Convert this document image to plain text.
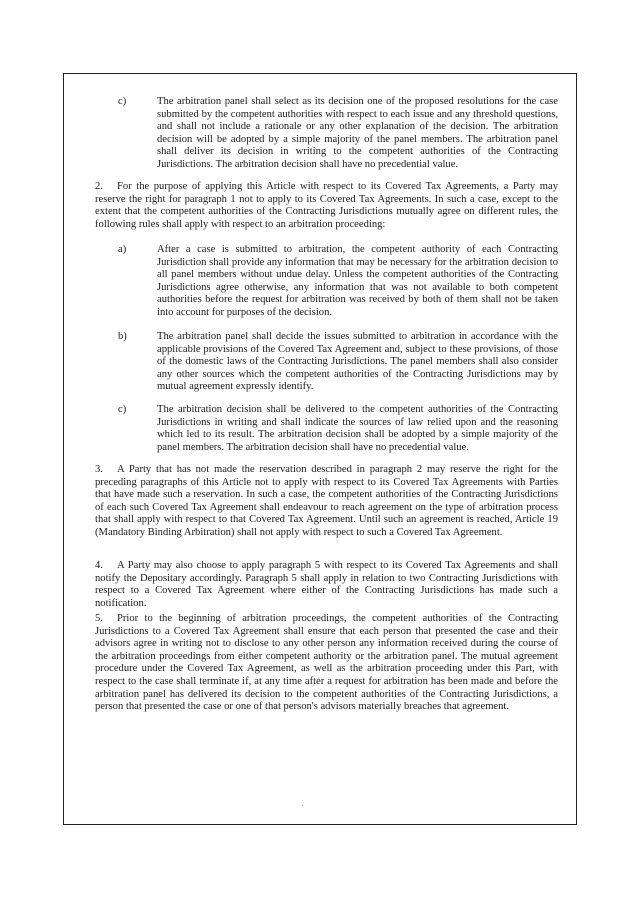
c)	The arbitration panel shall select as its decision one of the proposed resolutions for the case submitted by the competent authorities with respect to each issue and any threshold questions, and shall not include a rationale or any other explanation of the decision. The arbitration decision will be adopted by a simple majority of the panel members. The arbitration panel shall deliver its decision in writing to the competent authorities of the Contracting Jurisdictions. The arbitration decision shall have no precedential value.

2. For the purpose of applying this Article with respect to its Covered Tax Agreements, a Party may reserve the right for paragraph 1 not to apply to its Covered Tax Agreements. In such a case, except to the extent that the competent authorities of the Contracting Jurisdictions mutually agree on different rules, the following rules shall apply with respect to an arbitration proceeding:

a)	After a case is submitted to arbitration, the competent authority of each Contracting Jurisdiction shall provide any information that may be necessary for the arbitration decision to all panel members without undue delay. Unless the competent authorities of the Contracting Jurisdictions agree otherwise, any information that was not available to both competent authorities before the request for arbitration was received by both of them shall not be taken into account for purposes of the decision.

b)	The arbitration panel shall decide the issues submitted to arbitration in accordance with the applicable provisions of the Covered Tax Agreement and, subject to these provisions, of those of the domestic laws of the Contracting Jurisdictions. The panel members shall also consider any other sources which the competent authorities of the Contracting Jurisdictions may by mutual agreement expressly identify.

c)	The arbitration decision shall be delivered to the competent authorities of the Contracting Jurisdictions in writing and shall indicate the sources of law relied upon and the reasoning which led to its result. The arbitration decision shall be adopted by a simple majority of the panel members. The arbitration decision shall have no precedential value.

3. A Party that has not made the reservation described in paragraph 2 may reserve the right for the preceding paragraphs of this Article not to apply with respect to its Covered Tax Agreements with Parties that have made such a reservation. In such a case, the competent authorities of the Contracting Jurisdictions of each such Covered Tax Agreement shall endeavour to reach agreement on the type of arbitration process that shall apply with respect to that Covered Tax Agreement. Until such an agreement is reached, Article 19 (Mandatory Binding Arbitration) shall not apply with respect to such a Covered Tax Agreement.

4. A Party may also choose to apply paragraph 5 with respect to its Covered Tax Agreements and shall notify the Depositary accordingly. Paragraph 5 shall apply in relation to two Contracting Jurisdictions with respect to a Covered Tax Agreement where either of the Contracting Jurisdictions has made such a notification.

5. Prior to the beginning of arbitration proceedings, the competent authorities of the Contracting Jurisdictions to a Covered Tax Agreement shall ensure that each person that presented the case and their advisors agree in writing not to disclose to any other person any information received during the course of the arbitration proceedings from either competent authority or the arbitration panel. The mutual agreement procedure under the Covered Tax Agreement, as well as the arbitration proceeding under this Part, with respect to the case shall terminate if, at any time after a request for arbitration has been made and before the arbitration panel has delivered its decision to the competent authorities of the Contracting Jurisdictions, a person that presented the case or one of that person's advisors materially breaches that agreement.
